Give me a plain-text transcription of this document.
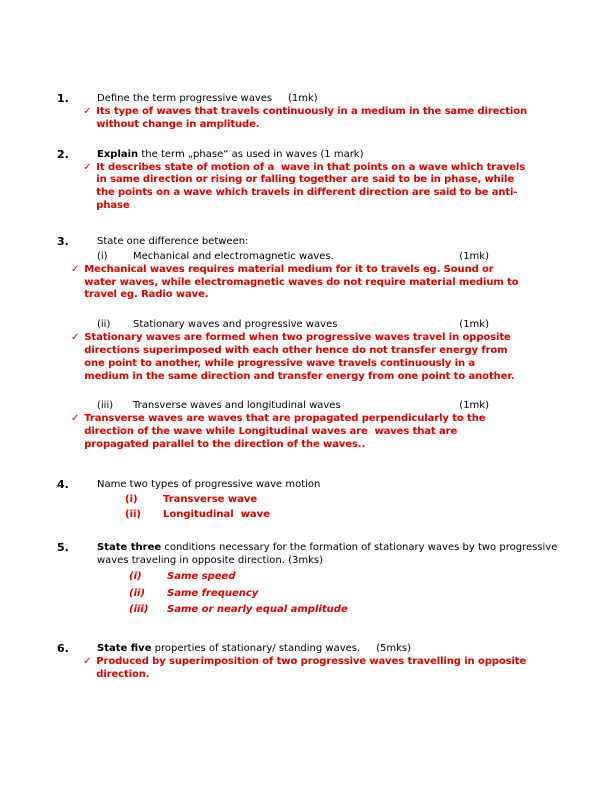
1.	Define the term progressive waves     (1mk)
✓ Its type of waves that travels continuously in a medium in the same direction without change in amplitude.
2.	Explain the term „phase“ as used in waves (1 mark)
✓ It describes state of motion of a  wave in that points on a wave which travels in same direction or rising or falling together are said to be in phase, while the points on a wave which travels in different direction are said to be anti-phase
3.	State one difference between:
(i)	Mechanical and electromagnetic waves.	(1mk)
✓ Mechanical waves requires material medium for it to travels eg. Sound or water waves, while electromagnetic waves do not require material medium to travel eg. Radio wave.
(ii)	Stationary waves and progressive waves	(1mk)
✓ Stationary waves are formed when two progressive waves travel in opposite directions superimposed with each other hence do not transfer energy from one point to another, while progressive wave travels continuously in a medium in the same direction and transfer energy from one point to another.
(iii)	Transverse waves and longitudinal waves	(1mk)
✓ Transverse waves are waves that are propagated perpendicularly to the direction of the wave while Longitudinal waves are  waves that are propagated parallel to the direction of the waves..
4.	Name two types of progressive wave motion
(i)	Transverse wave
(ii)	Longitudinal  wave
5.	State three conditions necessary for the formation of stationary waves by two progressive waves traveling in opposite direction. (3mks)
(i)	Same speed
(ii)	Same frequency
(iii)	Same or nearly equal amplitude
6.	State five properties of stationary/ standing waves.     (5mks)
✓ Produced by superimposition of two progressive waves travelling in opposite direction.
